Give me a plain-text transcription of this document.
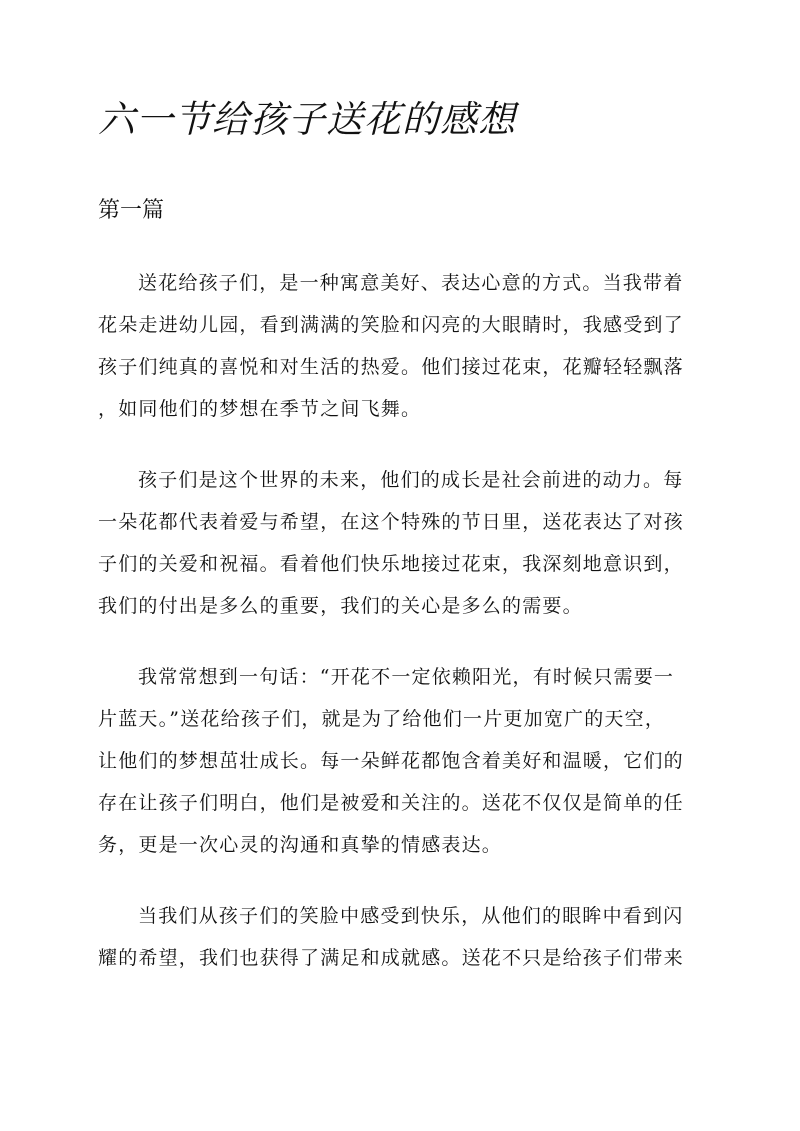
六一节给孩子送花的感想
第一篇

送花给孩子们，是一种寓意美好、表达心意的方式。当我带着
花朵走进幼儿园，看到满满的笑脸和闪亮的大眼睛时，我感受到了
孩子们纯真的喜悦和对生活的热爱。他们接过花束，花瓣轻轻飘落
，如同他们的梦想在季节之间飞舞。

孩子们是这个世界的未来，他们的成长是社会前进的动力。每
一朵花都代表着爱与希望，在这个特殊的节日里，送花表达了对孩
子们的关爱和祝福。看着他们快乐地接过花束，我深刻地意识到，
我们的付出是多么的重要，我们的关心是多么的需要。

我常常想到一句话：“开花不一定依赖阳光，有时候只需要一
片蓝天。”送花给孩子们，就是为了给他们一片更加宽广的天空，
让他们的梦想茁壮成长。每一朵鲜花都饱含着美好和温暖，它们的
存在让孩子们明白，他们是被爱和关注的。送花不仅仅是简单的任
务，更是一次心灵的沟通和真挚的情感表达。

当我们从孩子们的笑脸中感受到快乐，从他们的眼眸中看到闪
耀的希望，我们也获得了满足和成就感。送花不只是给孩子们带来
